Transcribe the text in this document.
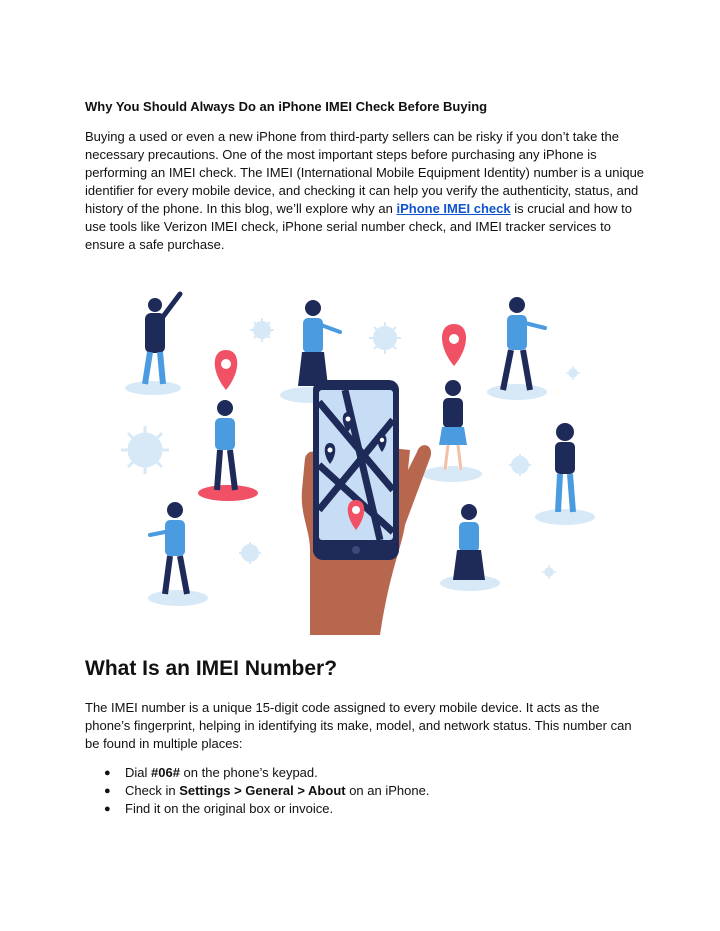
Why You Should Always Do an iPhone IMEI Check Before Buying

Buying a used or even a new iPhone from third-party sellers can be risky if you don’t take the necessary precautions. One of the most important steps before purchasing any iPhone is performing an IMEI check. The IMEI (International Mobile Equipment Identity) number is a unique identifier for every mobile device, and checking it can help you verify the authenticity, status, and history of the phone. In this blog, we’ll explore why an iPhone IMEI check is crucial and how to use tools like Verizon IMEI check, iPhone serial number check, and IMEI tracker services to ensure a safe purchase.

What Is an IMEI Number?

The IMEI number is a unique 15-digit code assigned to every mobile device. It acts as the phone’s fingerprint, helping in identifying its make, model, and network status. This number can be found in multiple places:

● Dial #06# on the phone’s keypad.
● Check in Settings > General > About on an iPhone.
● Find it on the original box or invoice.
